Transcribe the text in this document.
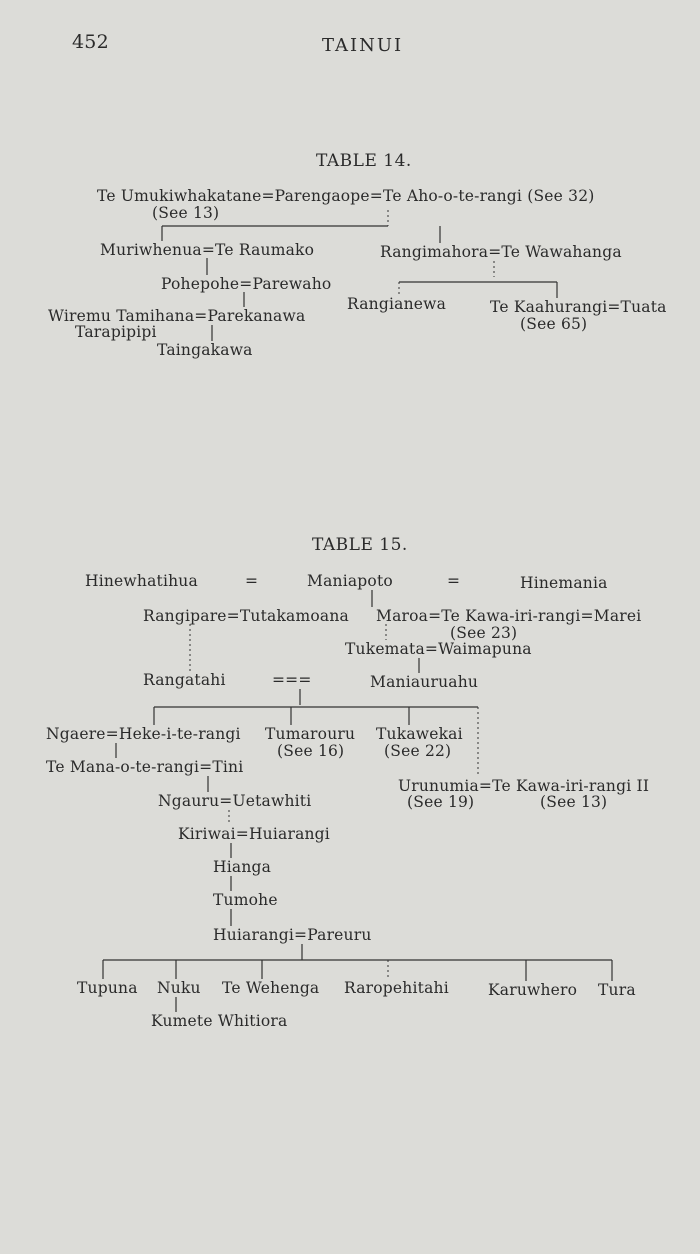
452	TAINUI
TABLE 14.
Te Umukiwhakatane=Parengaope=Te Aho-o-te-rangi (See 32)
(See 13)
Muriwhenua=Te Raumako	Rangimahora=Te Wawahanga
Pohepohe=Parewaho
Rangianewa	Te Kaahurangi=Tuata
(See 65)
Wiremu Tamihana=Parekanawa
Tarapipipi
Taingakawa
TABLE 15.
Hinewhatihua	=	Maniapoto	=	Hinemania
Rangipare=Tutakamoana Maroa=Te Kawa-iri-rangi=Marei
(See 23)
Tukemata=Waimapuna
Rangatahi	===	Maniauruahu
Ngaere=Heke-i-te-rangi Tumarouru
(See 16)
Tukawekai
(See 22)
Te Mana-o-te-rangi=Tini
Urunumia=Te Kawa-iri-rangi II
(See 19)	(See 13)
Ngauru=Uetawhiti
Kiriwai=Huiarangi
Hianga
Tumohe
Huiarangi=Pareuru
Tupuna Nuku Te Wehenga Raropehitahi	Karuwhero Tura
Kumete Whitiora
